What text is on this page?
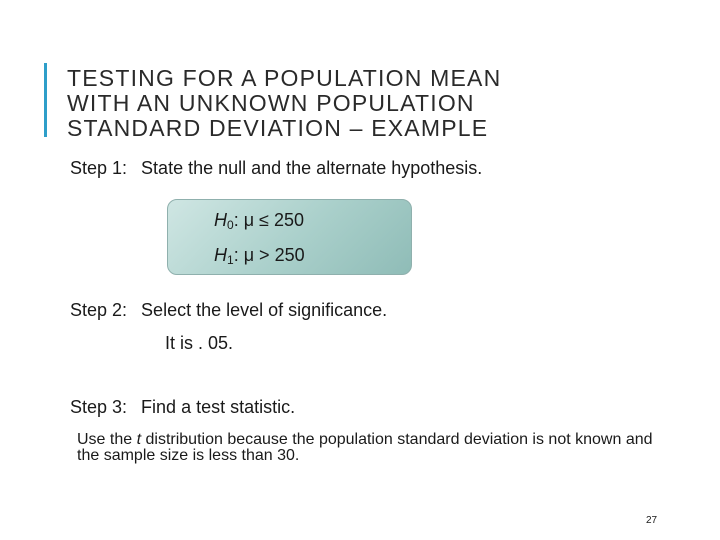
TESTING FOR A POPULATION MEAN
WITH AN UNKNOWN POPULATION
STANDARD DEVIATION – EXAMPLE
Step 1: State the null and the alternate hypothesis.
$H_0$: μ ≤ 250
$H_1$: μ > 250
Step 2: Select the level of significance.
It is . 05.
Step 3: Find a test statistic.
Use the t distribution because the population standard deviation is not known and the sample size is less than 30.
27
